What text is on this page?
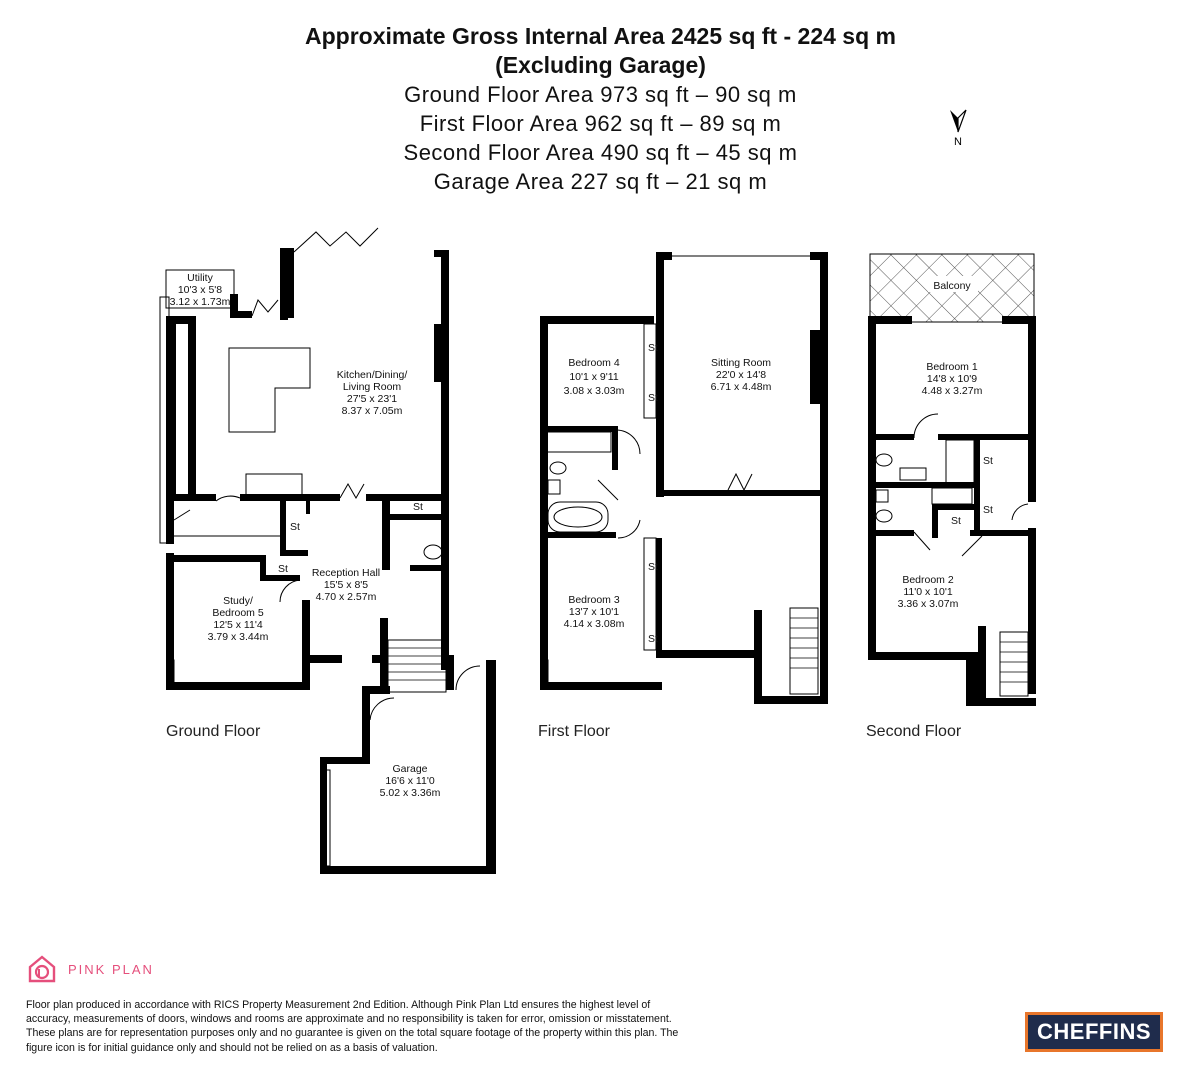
Approximate Gross Internal Area 2425 sq ft - 224 sq m
(Excluding Garage)
Ground Floor Area 973 sq ft – 90 sq m
First Floor Area 962 sq ft – 89 sq m
Second Floor Area 490 sq ft – 45 sq m
Garage Area 227 sq ft – 21 sq m
N
Utility
10'3 x 5'8
3.12 x 1.73m
Kitchen/Dining/
Living Room
27'5 x 23'1
8.37 x 7.05m
Reception Hall
15'5 x 8'5
4.70 x 2.57m
Study/
Bedroom 5
12'5 x 11'4
3.79 x 3.44m
Garage
16'6 x 11'0
5.02 x 3.36m
St
St
St
Ground Floor
Bedroom 4
10'1 x 9'11
3.08 x 3.03m
Sitting Room
22'0 x 14'8
6.71 x 4.48m
Bedroom 3
13'7 x 10'1
4.14 x 3.08m
St
St
St
St
First Floor
Balcony
Bedroom 1
14'8 x 10'9
4.48 x 3.27m
Bedroom 2
11'0 x 10'1
3.36 x 3.07m
St
St
St
Second Floor
PINK PLAN
Floor plan produced in accordance with RICS Property Measurement 2nd Edition. Although Pink Plan Ltd ensures the highest level of accuracy, measurements of doors, windows and rooms are approximate and no responsibility is taken for error, omission or misstatement. These plans are for representation purposes only and no guarantee is given on the total square footage of the property within this plan. The figure icon is for initial guidance only and should not be relied on as a basis of valuation.
CHEFFINS
